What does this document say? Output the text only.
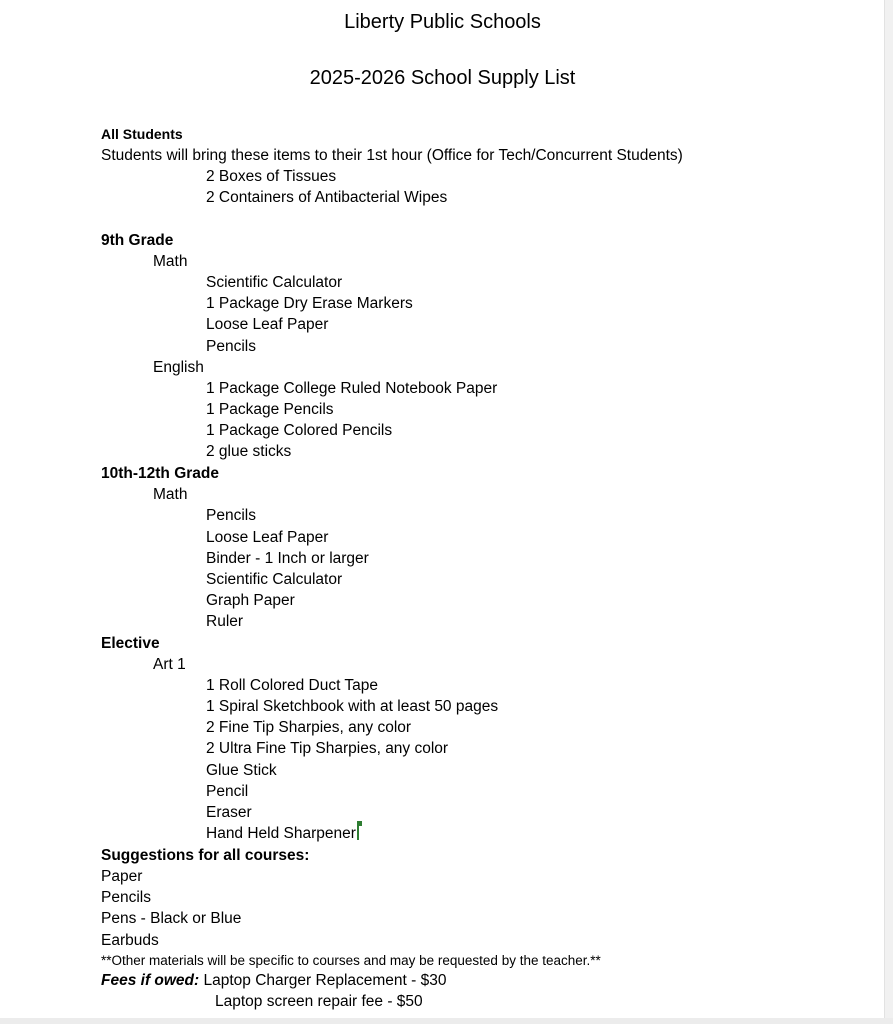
Liberty Public Schools
2025-2026 School Supply List
All Students
Students will bring these items to their 1st hour (Office for Tech/Concurrent Students)
2 Boxes of Tissues
2 Containers of Antibacterial Wipes
9th Grade
Math
Scientific Calculator
1 Package Dry Erase Markers
Loose Leaf Paper
Pencils
English
1 Package College Ruled Notebook Paper
1 Package Pencils
1 Package Colored Pencils
2 glue sticks
10th-12th Grade
Math
Pencils
Loose Leaf Paper
Binder - 1 Inch or larger
Scientific Calculator
Graph Paper
Ruler
Elective
Art 1
1 Roll Colored Duct Tape
1 Spiral Sketchbook with at least 50 pages
2 Fine Tip Sharpies, any color
2 Ultra Fine Tip Sharpies, any color
Glue Stick
Pencil
Eraser
Hand Held Sharpener
Suggestions for all courses:
Paper
Pencils
Pens - Black or Blue
Earbuds
**Other materials will be specific to courses and may be requested by the teacher.**
Fees if owed: Laptop Charger Replacement - $30
Laptop screen repair fee - $50
